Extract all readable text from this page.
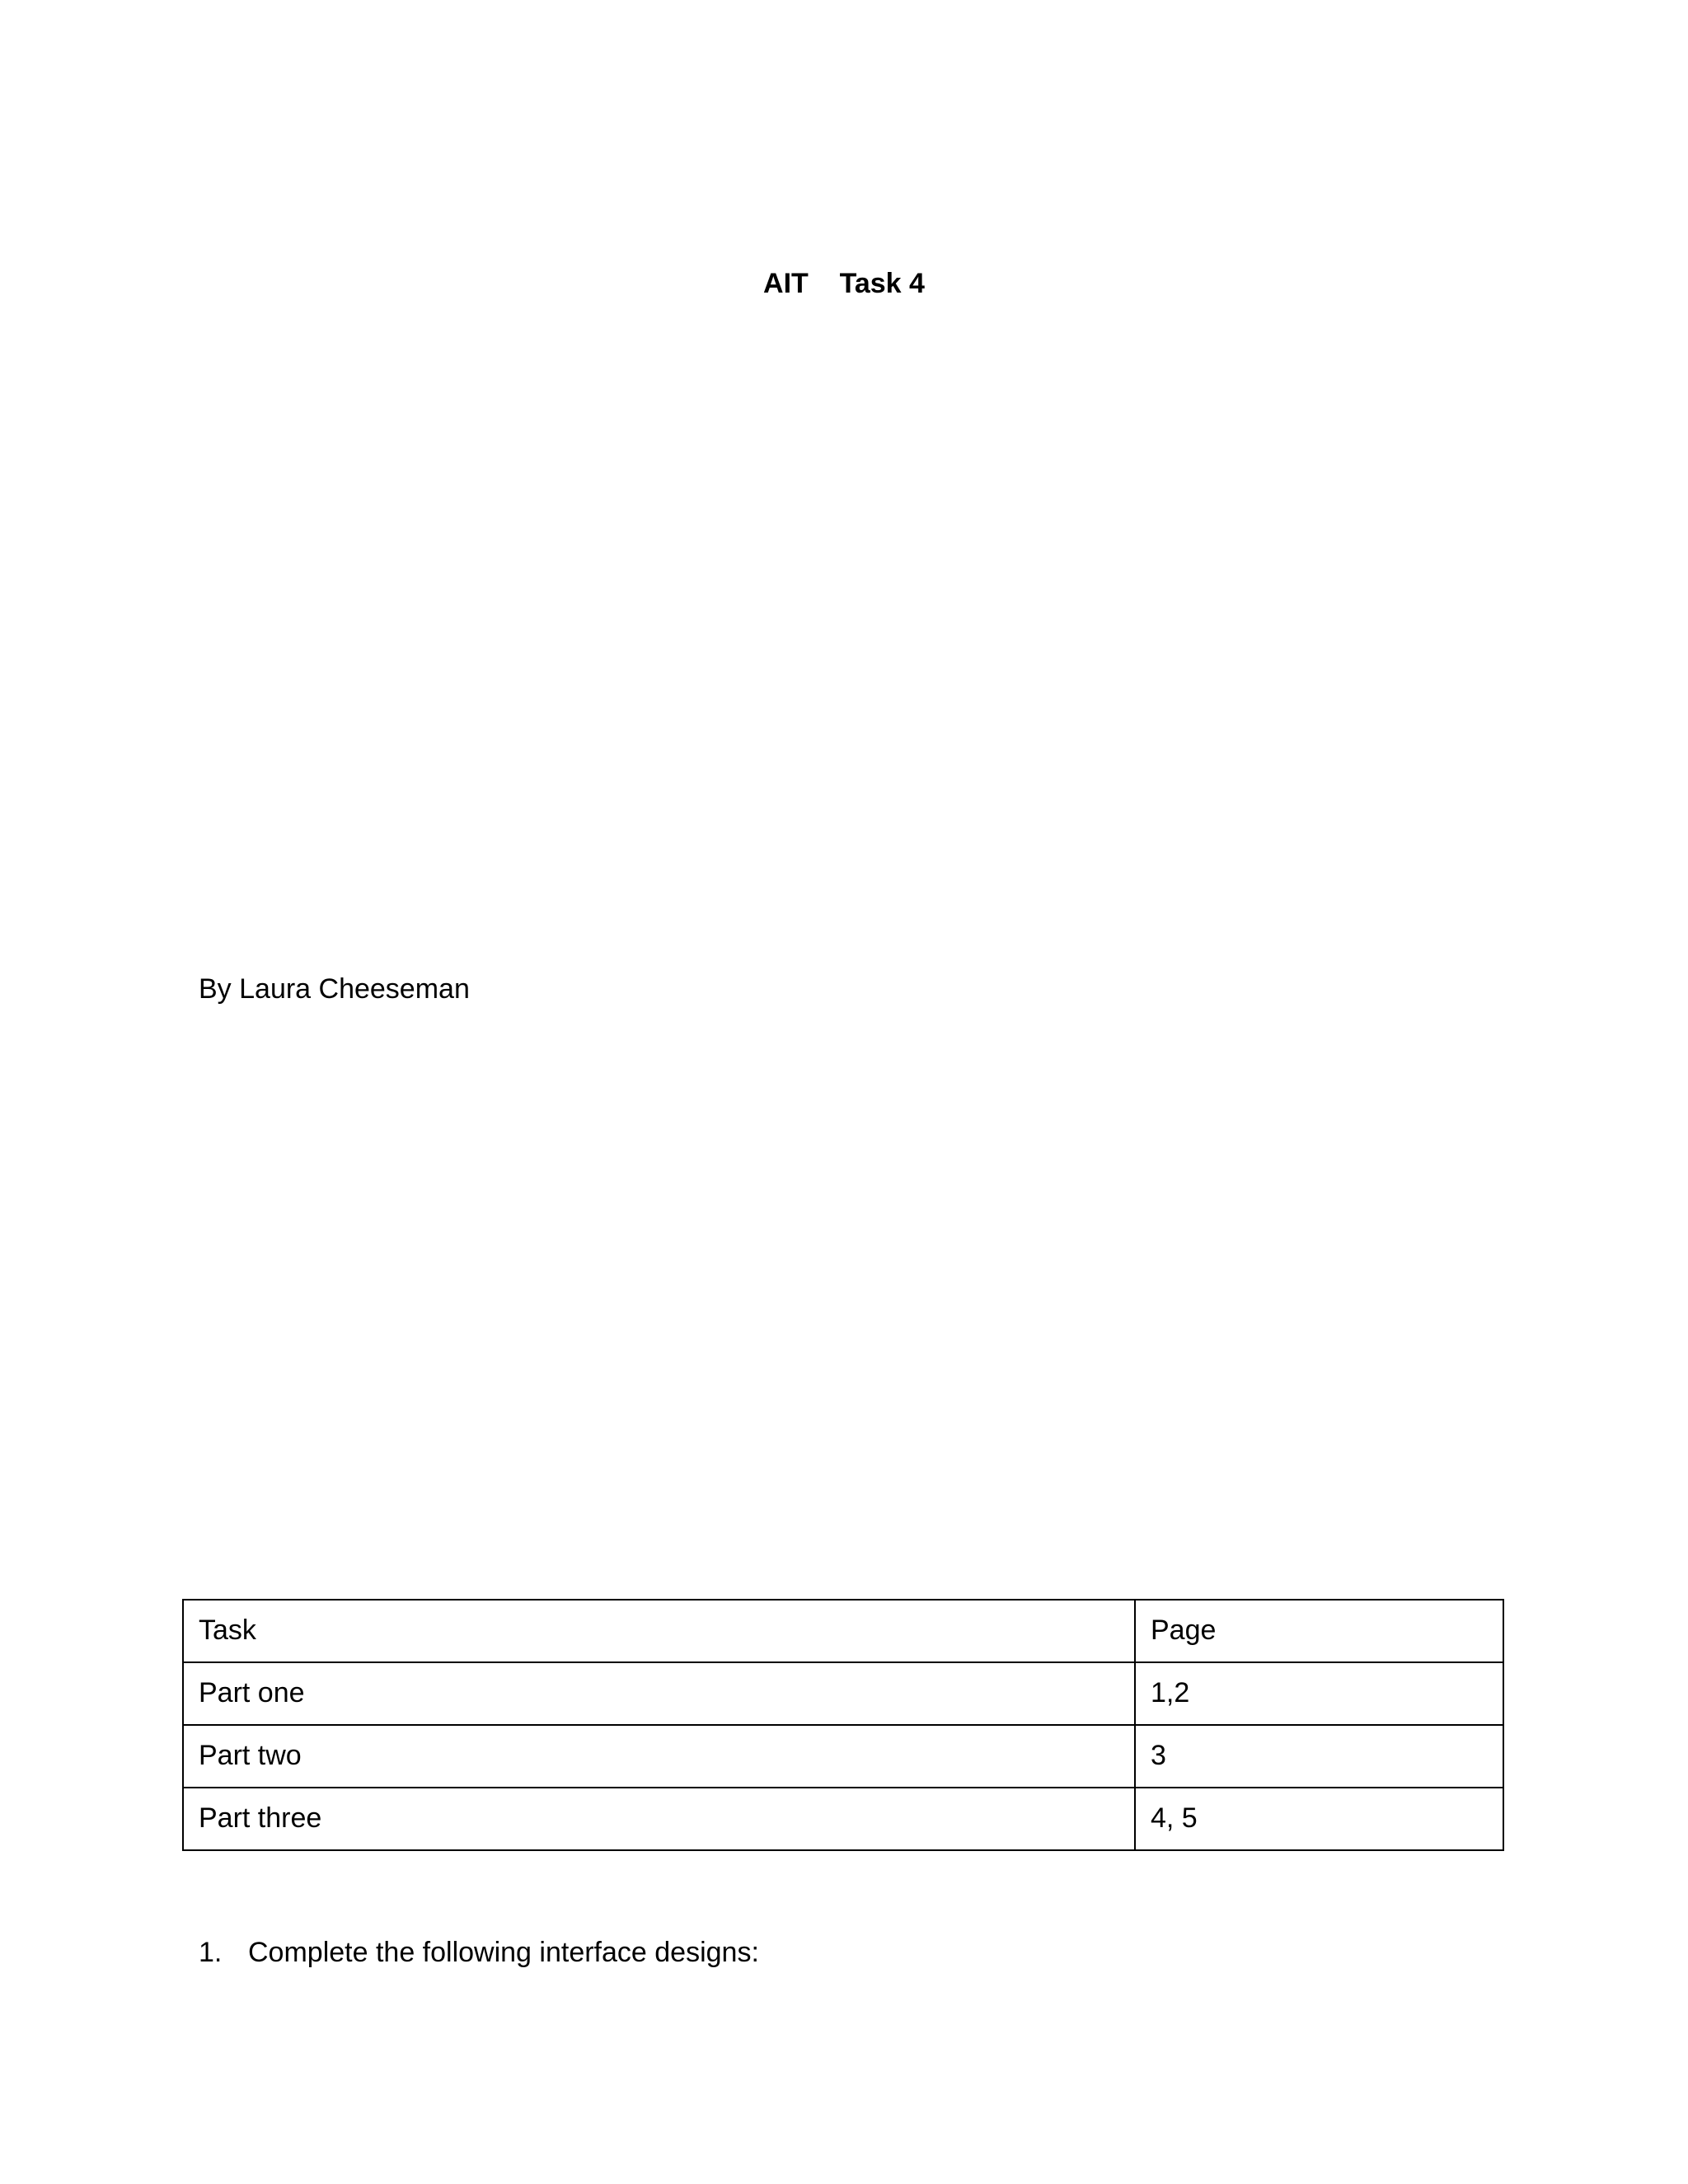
AIT    Task 4
By Laura Cheeseman
Task	Page
Part one	1,2
Part two	3
Part three	4, 5
1. Complete the following interface designs:
